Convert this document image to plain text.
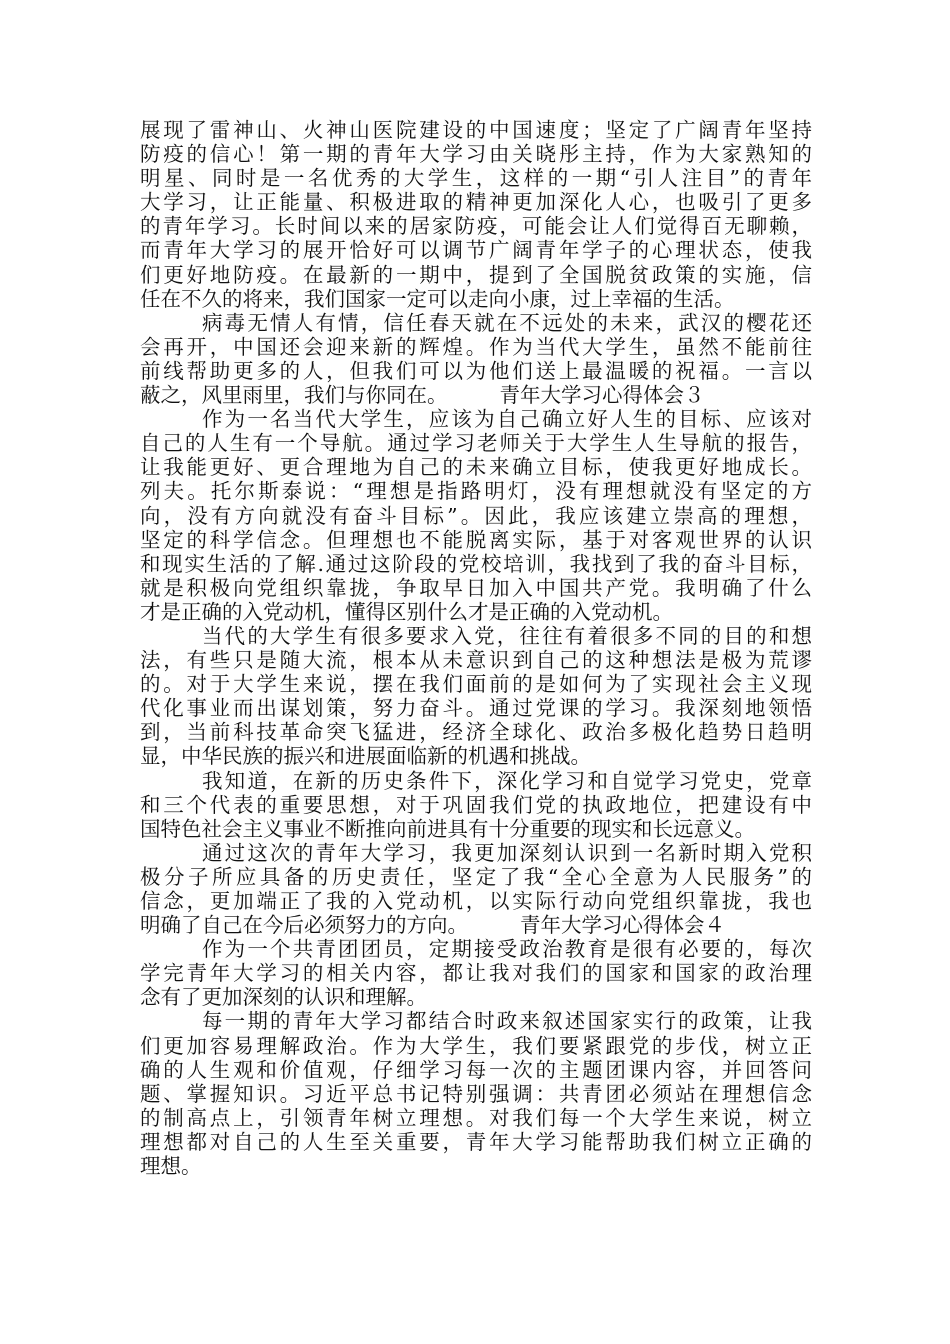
展现了雷神山、火神山医院建设的中国速度；坚定了广阔青年坚持
防疫的信心！第一期的青年大学习由关晓彤主持，作为大家熟知的
明星、同时是一名优秀的大学生，这样的一期“引人注目”的青年
大学习，让正能量、积极进取的精神更加深化人心，也吸引了更多
的青年学习。长时间以来的居家防疫，可能会让人们觉得百无聊赖，
而青年大学习的展开恰好可以调节广阔青年学子的心理状态，使我
们更好地防疫。在最新的一期中，提到了全国脱贫政策的实施，信
任在不久的将来，我们国家一定可以走向小康，过上幸福的生活。
病毒无情人有情，信任春天就在不远处的未来，武汉的樱花还
会再开，中国还会迎来新的辉煌。作为当代大学生，虽然不能前往
前线帮助更多的人，但我们可以为他们送上最温暖的祝福。一言以
蔽之，风里雨里，我们与你同在。	青年大学习心得体会３
作为一名当代大学生，应该为自己确立好人生的目标、应该对
自己的人生有一个导航。通过学习老师关于大学生人生导航的报告，
让我能更好、更合理地为自己的未来确立目标，使我更好地成长。
列夫。托尔斯泰说：“理想是指路明灯，没有理想就没有坚定的方
向，没有方向就没有奋斗目标”。因此，我应该建立崇高的理想，
坚定的科学信念。但理想也不能脱离实际，基于对客观世界的认识
和现实生活的了解.通过这阶段的党校培训，我找到了我的奋斗目标，
就是积极向党组织靠拢，争取早日加入中国共产党。我明确了什么
才是正确的入党动机，懂得区别什么才是正确的入党动机。
当代的大学生有很多要求入党，往往有着很多不同的目的和想
法，有些只是随大流，根本从未意识到自己的这种想法是极为荒谬
的。对于大学生来说，摆在我们面前的是如何为了实现社会主义现
代化事业而出谋划策，努力奋斗。通过党课的学习。我深刻地领悟
到，当前科技革命突飞猛进，经济全球化、政治多极化趋势日趋明
显，中华民族的振兴和进展面临新的机遇和挑战。
我知道，在新的历史条件下，深化学习和自觉学习党史，党章
和三个代表的重要思想，对于巩固我们党的执政地位，把建设有中
国特色社会主义事业不断推向前进具有十分重要的现实和长远意义。
通过这次的青年大学习，我更加深刻认识到一名新时期入党积
极分子所应具备的历史责任，坚定了我“全心全意为人民服务”的
信念，更加端正了我的入党动机，以实际行动向党组织靠拢，我也
明确了自己在今后必须努力的方向。	青年大学习心得体会４
作为一个共青团团员，定期接受政治教育是很有必要的，每次
学完青年大学习的相关内容，都让我对我们的国家和国家的政治理
念有了更加深刻的认识和理解。
每一期的青年大学习都结合时政来叙述国家实行的政策，让我
们更加容易理解政治。作为大学生，我们要紧跟党的步伐，树立正
确的人生观和价值观，仔细学习每一次的主题团课内容，并回答问
题、掌握知识。习近平总书记特别强调：共青团必须站在理想信念
的制高点上，引领青年树立理想。对我们每一个大学生来说，树立
理想都对自己的人生至关重要，青年大学习能帮助我们树立正确的
理想。
